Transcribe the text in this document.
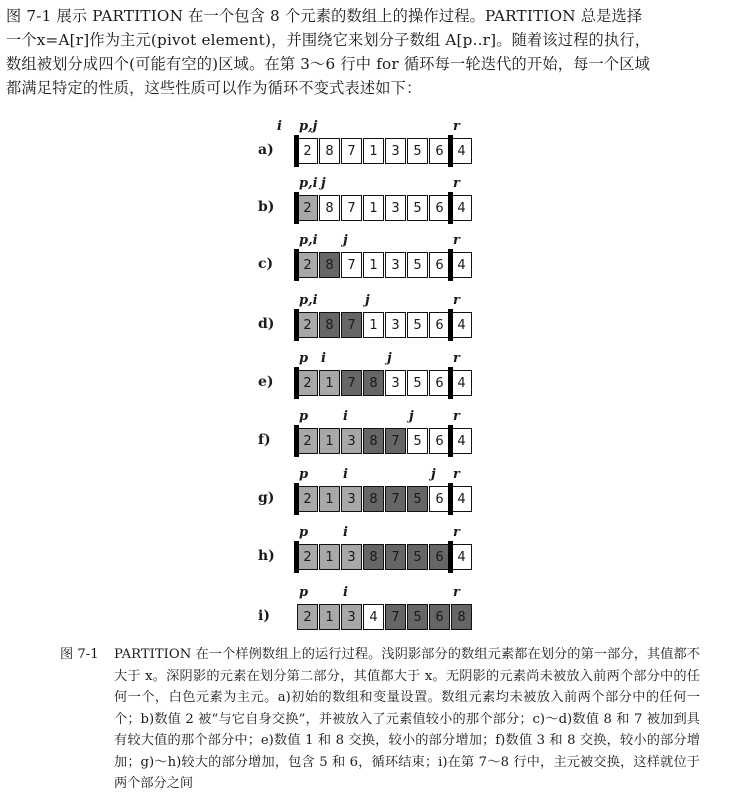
图 7-1 展示 PARTITION 在一个包含 8 个元素的数组上的操作过程。PARTITION 总是选择

一个x=A[r]作为主元(pivot element)，并围绕它来划分子数组 A[p..r]。随着该过程的执行，

数组被划分成四个(可能有空的)区域。在第 3～6 行中 for 循环每一轮迭代的开始，每一个区域

都满足特定的性质，这些性质可以作为循环不变式表述如下：

a)	2	8	7	1	3	5	6	4
i p,j	r
b)	2	8	7	1	3	5	6	4
p,i j	r
c)	2	8	7	1	3	5	6	4
p,i j	r
d)	2	8	7	1	3	5	6	4
p,i	j	r
e)	2	1	7	8	3	5	6	4
p i	j	r
f)	2	1	3	8	7	5	6	4
p	i	j	r
g)	2	1	3	8	7	5	6	4
p	i	j r
h)	2	1	3	8	7	5	6	4
p	i	r
i)	2	1	3	4	7	5	6	8
p	i	r
图 7-1 PARTITION 在一个样例数组上的运行过程。浅阴影部分的数组元素都在划分的第一部分，其值都不大于 x。深阴影的元素在划分第二部分，其值都大于 x。无阴影的元素尚未被放入前两个部分中的任何一个，白色元素为主元。a)初始的数组和变量设置。数组元素均未被放入前两个部分中的任何一个；b)数值 2 被“与它自身交换”，并被放入了元素值较小的那个部分；c)～d)数值 8 和 7 被加到具有较大值的那个部分中；e)数值 1 和 8 交换，较小的部分增加；f)数值 3 和 8 交换，较小的部分增加；g)～h)较大的部分增加，包含 5 和 6，循环结束；i)在第 7～8 行中，主元被交换，这样就位于两个部分之间
